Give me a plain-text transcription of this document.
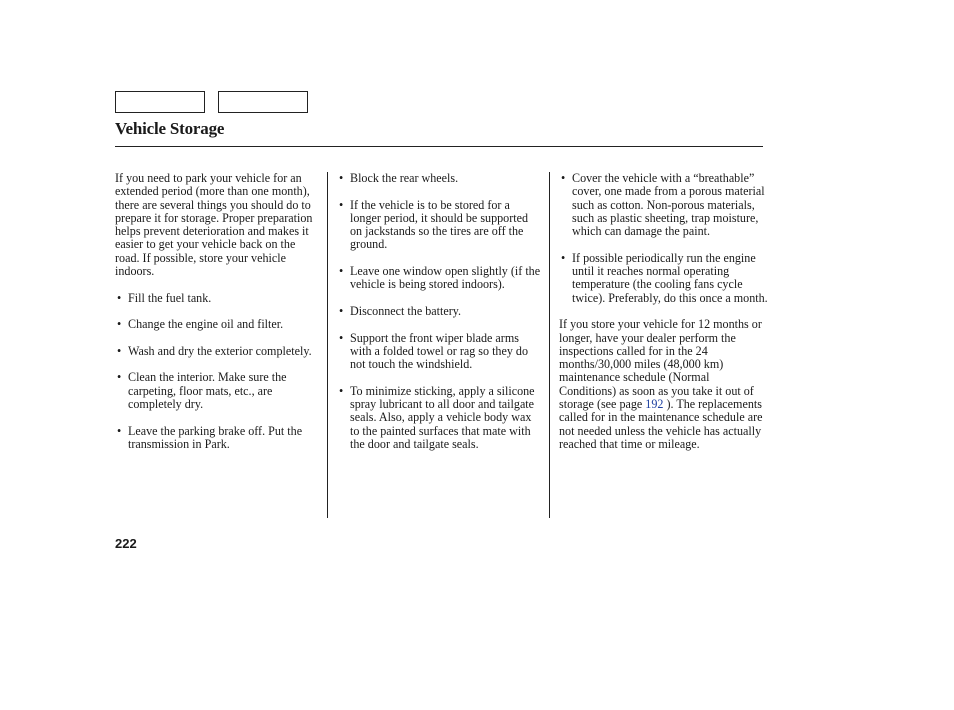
Vehicle Storage

If you need to park your vehicle for an extended period (more than one month), there are several things you should do to prepare it for storage. Proper preparation helps prevent deterioration and makes it easier to get your vehicle back on the road. If possible, store your vehicle indoors.

• Fill the fuel tank.
• Change the engine oil and filter.
• Wash and dry the exterior completely.
• Clean the interior. Make sure the carpeting, floor mats, etc., are completely dry.
• Leave the parking brake off. Put the transmission in Park.
• Block the rear wheels.
• If the vehicle is to be stored for a longer period, it should be supported on jackstands so the tires are off the ground.
• Leave one window open slightly (if the vehicle is being stored indoors).
• Disconnect the battery.
• Support the front wiper blade arms with a folded towel or rag so they do not touch the windshield.
• To minimize sticking, apply a silicone spray lubricant to all door and tailgate seals. Also, apply a vehicle body wax to the painted surfaces that mate with the door and tailgate seals.
• Cover the vehicle with a “breathable” cover, one made from a porous material such as cotton. Non-porous materials, such as plastic sheeting, trap moisture, which can damage the paint.
• If possible periodically run the engine until it reaches normal operating temperature (the cooling fans cycle twice). Preferably, do this once a month.

If you store your vehicle for 12 months or longer, have your dealer perform the inspections called for in the 24 months/30,000 miles (48,000 km) maintenance schedule (Normal Conditions) as soon as you take it out of storage (see page 192 ). The replacements called for in the maintenance schedule are not needed unless the vehicle has actually reached that time or mileage.

222
